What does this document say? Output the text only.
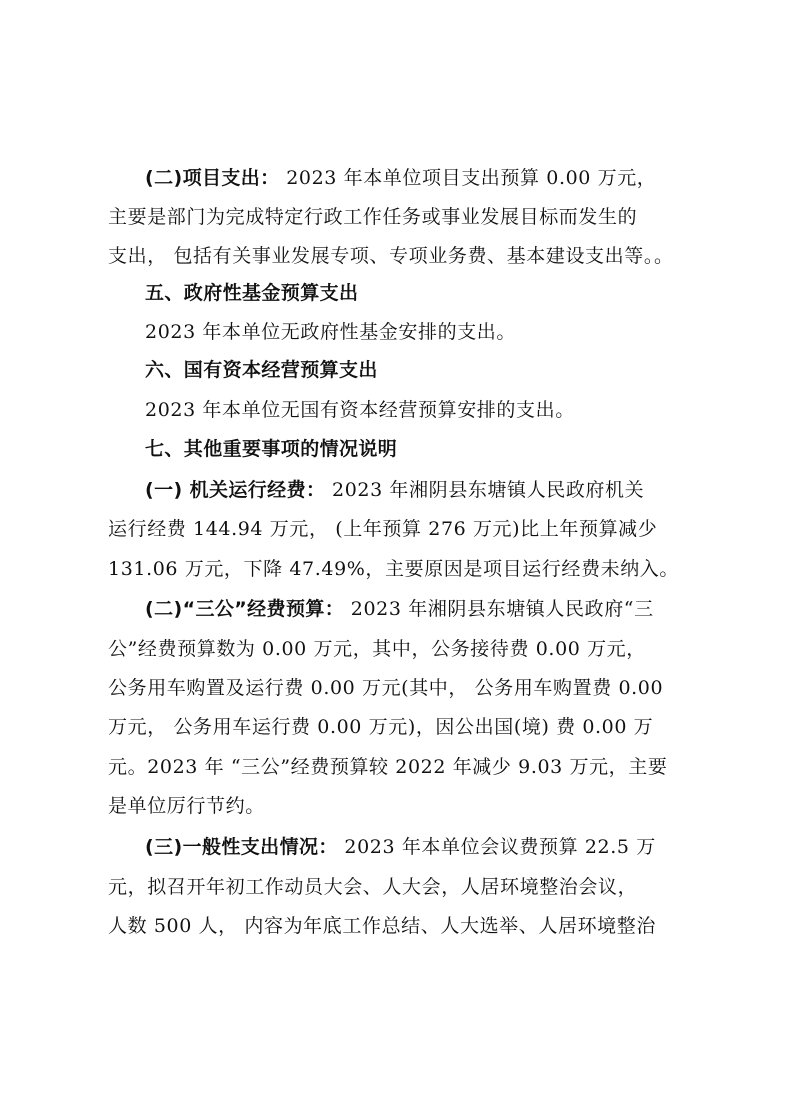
(二)项目支出： 2023 年本单位项目支出预算 0.00 万元，
主要是部门为完成特定行政工作任务或事业发展目标而发生的
支出， 包括有关事业发展专项、专项业务费、基本建设支出等。。
五、政府性基金预算支出
2023 年本单位无政府性基金安排的支出。
六、国有资本经营预算支出
2023 年本单位无国有资本经营预算安排的支出。
七、其他重要事项的情况说明
(一) 机关运行经费： 2023 年湘阴县东塘镇人民政府机关
运行经费 144.94 万元， (上年预算 276 万元)比上年预算减少
131.06 万元，下降 47.49%，主要原因是项目运行经费未纳入。
(二)“三公”经费预算： 2023 年湘阴县东塘镇人民政府“三
公”经费预算数为 0.00 万元，其中，公务接待费 0.00 万元，
公务用车购置及运行费 0.00 万元(其中， 公务用车购置费 0.00
万元， 公务用车运行费 0.00 万元)，因公出国(境) 费 0.00 万
元。2023 年 “三公”经费预算较 2022 年减少 9.03 万元，主要
是单位厉行节约。
(三)一般性支出情况： 2023 年本单位会议费预算 22.5 万
元，拟召开年初工作动员大会、人大会，人居环境整治会议，
人数 500 人， 内容为年底工作总结、人大选举、人居环境整治
